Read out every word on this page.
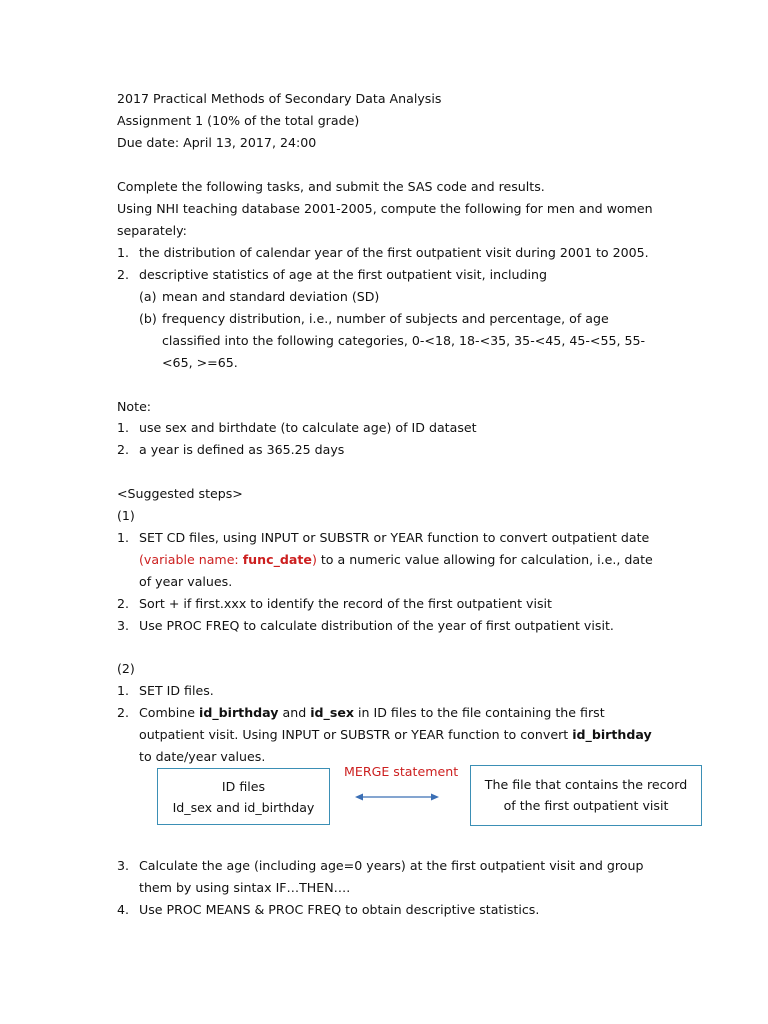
2017 Practical Methods of Secondary Data Analysis
Assignment 1 (10% of the total grade)
Due date: April 13, 2017, 24:00
Complete the following tasks, and submit the SAS code and results.
Using NHI teaching database 2001-2005, compute the following for men and women
separately:
1. the distribution of calendar year of the first outpatient visit during 2001 to 2005.
2. descriptive statistics of age at the first outpatient visit, including
(a) mean and standard deviation (SD)
(b) frequency distribution, i.e., number of subjects and percentage, of age
classified into the following categories, 0-<18, 18-<35, 35-<45, 45-<55, 55-
<65, >=65.
Note:
1. use sex and birthdate (to calculate age) of ID dataset
2. a year is defined as 365.25 days
<Suggested steps>
(1)
1. SET CD files, using INPUT or SUBSTR or YEAR function to convert outpatient date
(variable name: func_date) to a numeric value allowing for calculation, i.e., date
of year values.
2. Sort + if first.xxx to identify the record of the first outpatient visit
3. Use PROC FREQ to calculate distribution of the year of first outpatient visit.
(2)
1. SET ID files.
2. Combine id_birthday and id_sex in ID files to the file containing the first
outpatient visit. Using INPUT or SUBSTR or YEAR function to convert id_birthday
to date/year values.
ID files
Id_sex and id_birthday
MERGE statement
The file that contains the record
of the first outpatient visit
3. Calculate the age (including age=0 years) at the first outpatient visit and group
them by using sintax IF…THEN….
4. Use PROC MEANS & PROC FREQ to obtain descriptive statistics.
